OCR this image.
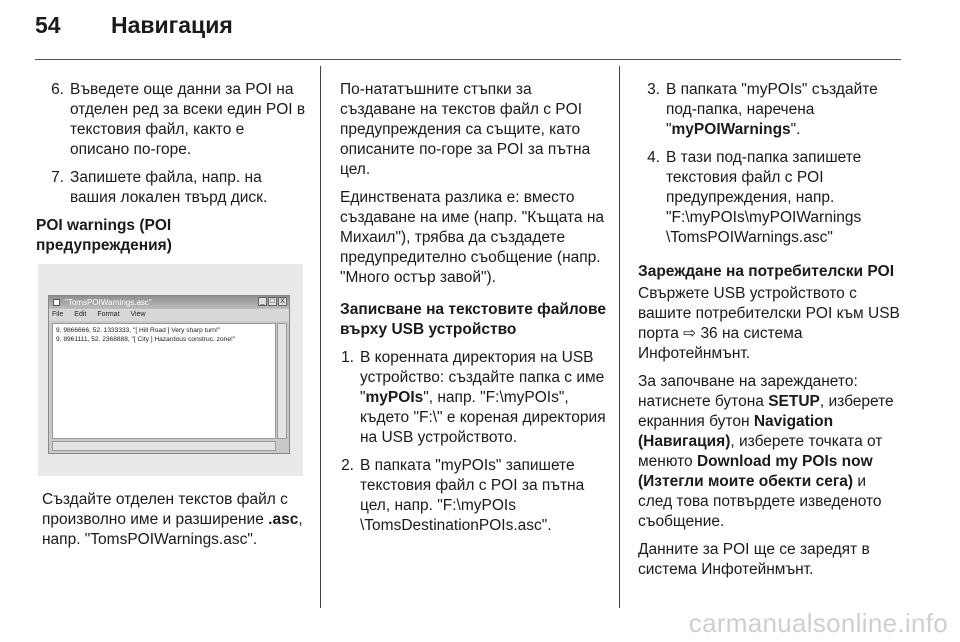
54 Навигация
6. Въведете още данни за POI на отделен ред за всеки един POI в текстовия файл, както е описано по-горе.
7. Запишете файла, напр. на вашия локален твърд диск.

POI warnings (POI предупреждения)

"TomsPOIWarnings.asc"	_ □ X
File Edit Format View
9. 9866666, 52. 1333333, "[ Hill Road ] Very sharp turn!"
9. 8961111, 52. 2368888, "[ City ] Hazardous construc. zone!"

Създайте отделен текстов файл с произволно име и разширение .asc, напр. "TomsPOIWarnings.asc".

По-нататъшните стъпки за създаване на текстов файл с POI предупреждения са същите, като описаните по-горе за POI за пътна цел.

Единствената разлика е: вместо създаване на име (напр. "Къщата на Михаил"), трябва да създадете предупредително съобщение (напр. "Много остър завой").

Записване на текстовите файлове върху USB устройство

1. В коренната директория на USB устройство: създайте папка с име "myPOIs", напр. "F:\myPOIs", където "F:\" е кореная директория на USB устройството.
2. В папката "myPOIs" запишете текстовия файл с POI за пътна цел, напр. "F:\myPOIs \TomsDestinationPOIs.asc".
3. В папката "myPOIs" създайте под-папка, наречена "myPOIWarnings".
4. В тази под-папка запишете текстовия файл с POI предупреждения, напр. "F:\myPOIs\myPOIWarnings \TomsPOIWarnings.asc"

Зареждане на потребителски POI

Свържете USB устройството с вашите потребителски POI към USB порта ⇨ 36 на система Инфотейнмънт.

За започване на зареждането: натиснете бутона SETUP, изберете екранния бутон Navigation (Навигация), изберете точката от менюто Download my POIs now (Изтегли моите обекти сега) и след това потвърдете изведеното съобщение.

Данните за POI ще се заредят в система Инфотейнмънт.

carmanualsonline.info
